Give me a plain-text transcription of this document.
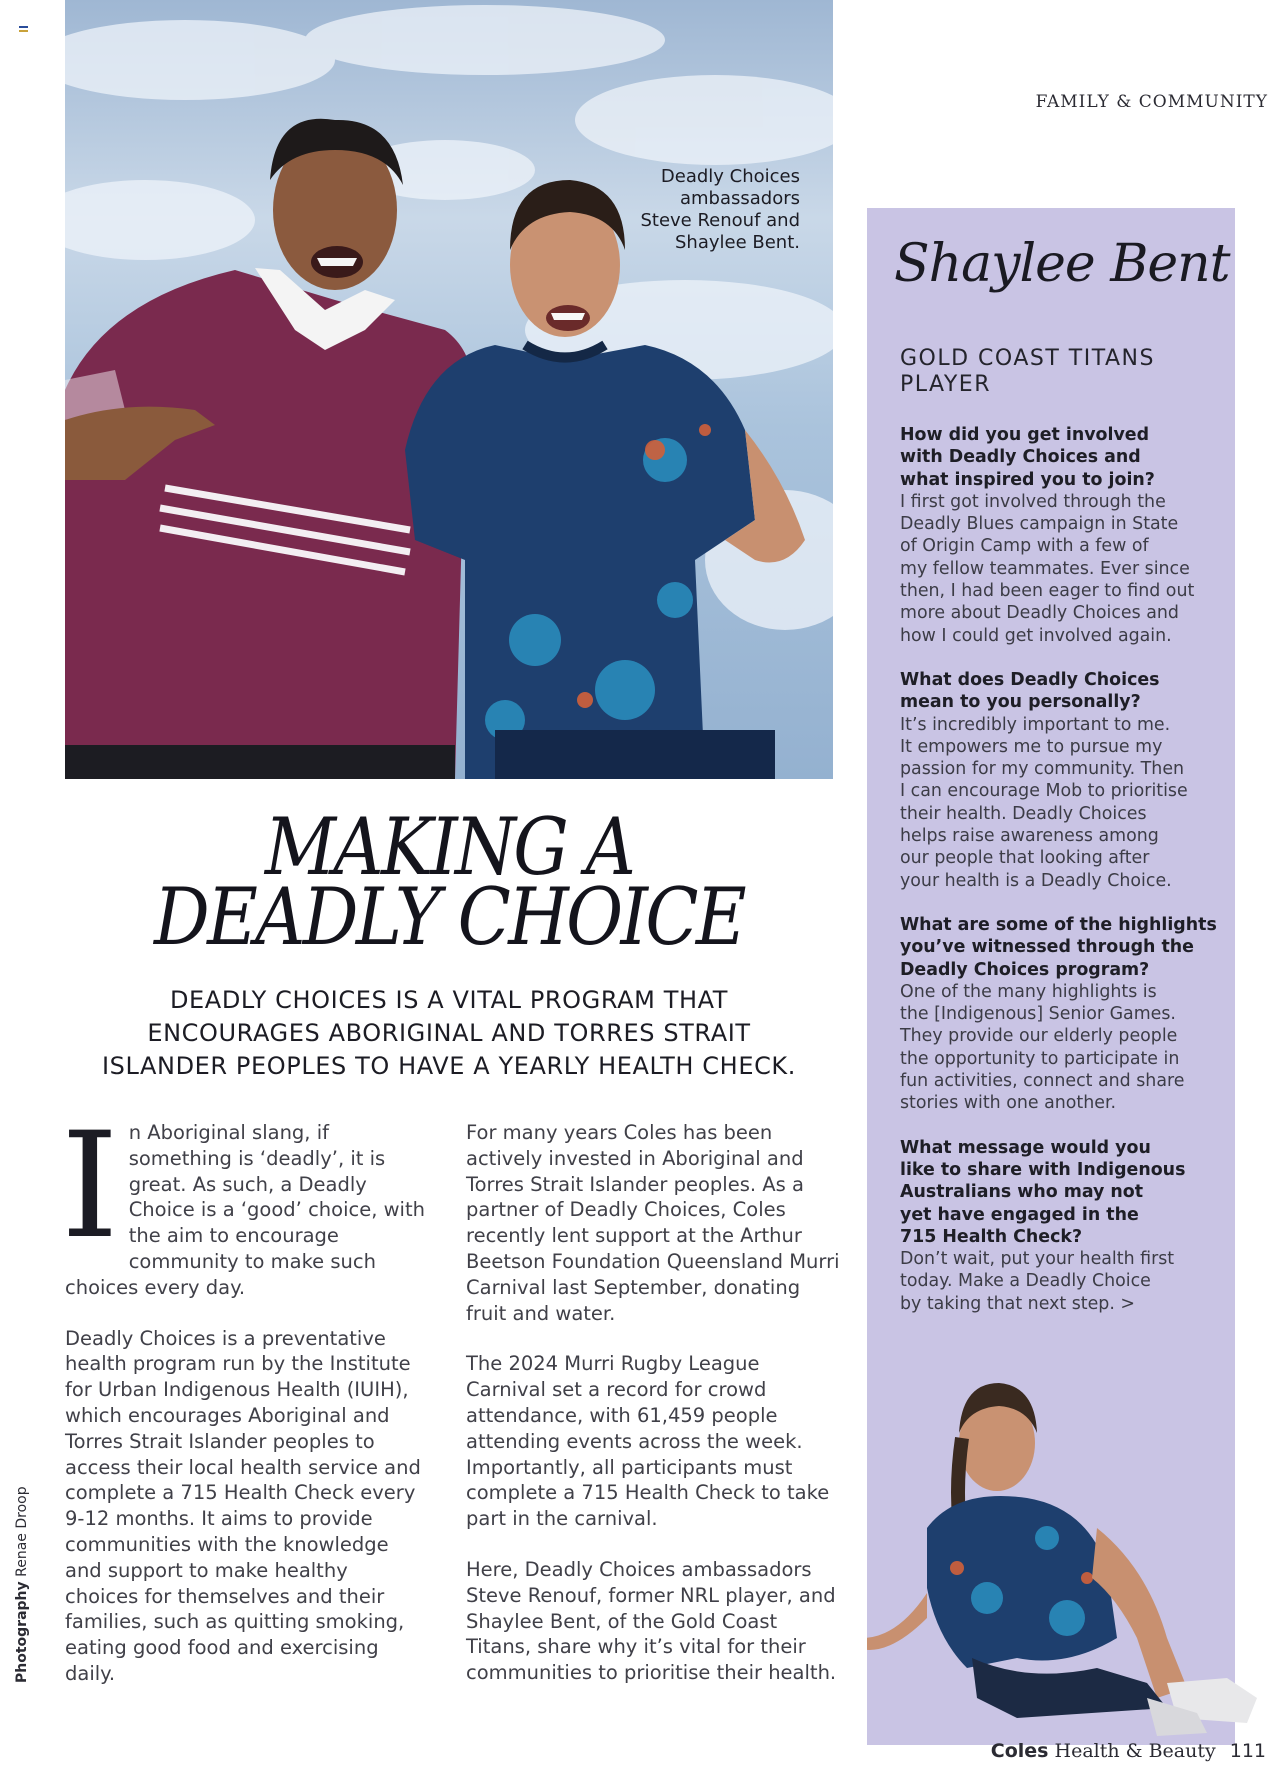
FAMILY & COMMUNITY
Deadly Choices
ambassadors
Steve Renouf and
Shaylee Bent.
MAKING A
DEADLY CHOICE
DEADLY CHOICES IS A VITAL PROGRAM THAT
ENCOURAGES ABORIGINAL AND TORRES STRAIT
ISLANDER PEOPLES TO HAVE A YEARLY HEALTH CHECK.

In Aboriginal slang, if something is ‘deadly’, it is great. As such, a Deadly Choice is a ‘good’ choice, with the aim to encourage community to make such choices every day.

Deadly Choices is a preventative health program run by the Institute for Urban Indigenous Health (IUIH), which encourages Aboriginal and Torres Strait Islander peoples to access their local health service and complete a 715 Health Check every 9-12 months. It aims to provide communities with the knowledge and support to make healthy choices for themselves and their families, such as quitting smoking, eating good food and exercising daily.

For many years Coles has been actively invested in Aboriginal and Torres Strait Islander peoples. As a partner of Deadly Choices, Coles recently lent support at the Arthur Beetson Foundation Queensland Murri Carnival last September, donating fruit and water.

The 2024 Murri Rugby League Carnival set a record for crowd attendance, with 61,459 people attending events across the week. Importantly, all participants must complete a 715 Health Check to take part in the carnival.

Here, Deadly Choices ambassadors Steve Renouf, former NRL player, and Shaylee Bent, of the Gold Coast Titans, share why it’s vital for their communities to prioritise their health.

Shaylee Bent
GOLD COAST TITANS
PLAYER
How did you get involved
with Deadly Choices and
what inspired you to join?
I first got involved through the
Deadly Blues campaign in State
of Origin Camp with a few of
my fellow teammates. Ever since
then, I had been eager to find out
more about Deadly Choices and
how I could get involved again.
What does Deadly Choices
mean to you personally?
It’s incredibly important to me.
It empowers me to pursue my
passion for my community. Then
I can encourage Mob to prioritise
their health. Deadly Choices
helps raise awareness among
our people that looking after
your health is a Deadly Choice.
What are some of the highlights
you’ve witnessed through the
Deadly Choices program?
One of the many highlights is
the [Indigenous] Senior Games.
They provide our elderly people
the opportunity to participate in
fun activities, connect and share
stories with one another.
What message would you
like to share with Indigenous
Australians who may not
yet have engaged in the
715 Health Check?
Don’t wait, put your health first
today. Make a Deadly Choice
by taking that next step. >
Coles Health & Beauty 111
Photography Renae Droop
